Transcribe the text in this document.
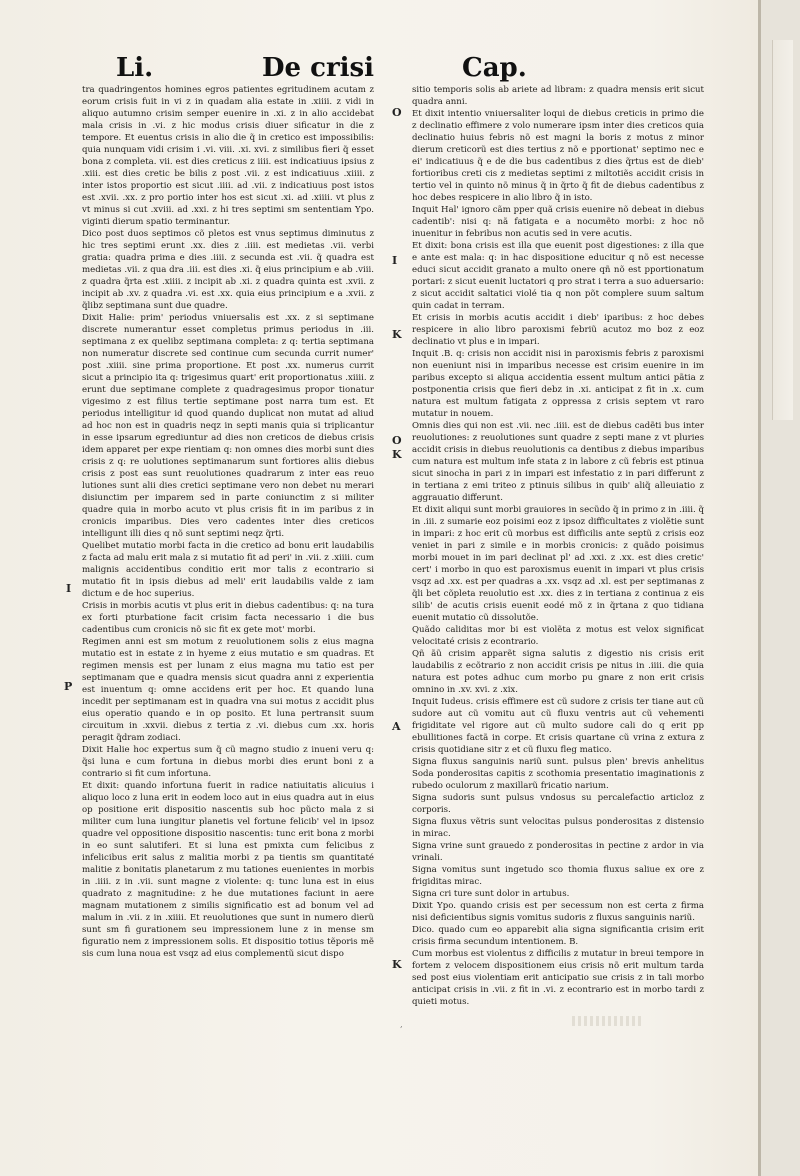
Li.	De crisi	Cap.

tra quadringentos homines egros patientes egritudinem acutam z eorum crisis fuit in vi z in quadam alia estate in .xiiii. z vidi in aliquo autumno crisim semper euenire in .xi. z in alio accidebat mala crisis in .vi. z hic modus crisis diuer sificatur in die z tempore. Et euentus crisis in alio die q̃ in cretico est impossibilis: quia nunquam vidi crisim i .vi. viii. .xi. xvi. z similibus fieri q̃ esset bona z completa. vii. est dies creticus z iiii. est indicatiuus ipsius z .xiii. est dies cretic be bilis z post .vii. z est indicatiuus .xiiii. z inter istos proportio est sicut .iiii. ad .vii. z indicatiuus post istos est .xvii. .xx. z pro portio inter hos est sicut .xi. ad .xiiii. vt plus z vt minus si cut .xviii. ad .xxi. z hi tres septimi sm sententiam Ypo. viginti dierum spatio terminantur.

Dico post duos septimos cõ pletos est vnus septimus diminutus z hic tres septimi erunt .xx. dies z .iiii. est medietas .vii. verbi gratia: quadra prima e dies .iiii. z secunda est .vii. q̃ quadra est medietas .vii. z qua dra .iii. est dies .xi. q̃ eius principium e ab .viii. z quadra q̃rta est .xiiii. z incipit ab .xi. z quadra quinta est .xvii. z incipit ab .xv. z quadra .vi. est .xx. quia eius principium e a .xvii. z q̃libz septimana sunt due quadre.

Dixit Halie: prim' periodus vniuersalis est .xx. z si septimane discrete numerantur esset completus primus periodus in .iii. septimana z ex quelibz septimana completa: z q: tertia septimana non numeratur discrete sed continue cum secunda currit numer' post .xiiii. sine prima proportione. Et post .xx. numerus currit sicut a principio ita q: trigesimus quart' erit proportionatus .xiiii. z erunt due septimane complete z quadragesimus propor tionatur vigesimo z est filius tertie septimane post narra tum est. Et periodus intelligitur id quod quando duplicat non mutat ad aliud ad hoc non est in quadris neqz in septi manis quia si triplicantur in esse ipsarum egrediuntur ad dies non creticos de diebus crisis idem apparet per expe rientiam q: non omnes dies morbi sunt dies crisis z q: re uolutiones septimanarum sunt fortiores aliis diebus crisis z post eas sunt reuolutiones quadrarum z inter eas reuo lutiones sunt alii dies cretici septimane vero non debet nu merari disiunctim per imparem sed in parte coniunctim z si militer quadre quia in morbo acuto vt plus crisis fit in im paribus z in cronicis imparibus. Dies vero cadentes inter dies creticos intelligunt illi dies q nõ sunt septimi neqz q̃rti.

Quelibet mutatio morbi facta in die cretico ad bonu erit laudabilis z facta ad malu erit mala z si mutatio fit ad peri' in .vii. z .xiiii. cum malignis accidentibus conditio erit mor talis z econtrario si mutatio fit in ipsis diebus ad meli' erit laudabilis valde z iam dictum e de hoc superius.

Crisis in morbis acutis vt plus erit in diebus cadentibus: q: na tura ex forti pturbatione facit crisim facta necessario i die bus cadentibus cum cronicis nõ sic fit ex gete mot' morbi.

Regimen anni est sm motum z reuolutionem solis z eius magna mutatio est in estate z in hyeme z eius mutatio e sm quadras. Et regimen mensis est per lunam z eius magna mu tatio est per septimanam que e quadra mensis sicut quadra anni z experientia est inuentum q: omne accidens erit per hoc. Et quando luna incedit per septimanam est in quadra vna sui motus z accidit plus eius operatio quando e in op posito. Et luna pertransit suum circuitum in .xxvii. diebus z tertia z .vi. diebus cum .xx. horis peragit q̃dram zodiaci.

Dixit Halie hoc expertus sum q̃ cũ magno studio z inueni veru q: q̃si luna e cum fortuna in diebus morbi dies erunt boni z a contrario si fit cum infortuna.

Et dixit: quando infortuna fuerit in radice natiuitatis alicuius i aliquo loco z luna erit in eodem loco aut in eius quadra aut in eius op positione erit dispositio nascentis sub hoc pũcto mala z si militer cum luna iungitur planetis vel fortune felicib' vel in ipsoz quadre vel oppositione dispositio nascentis: tunc erit bona z morbi in eo sunt salutiferi. Et si luna est pmixta cum felicibus z infelicibus erit salus z malitia morbi z pa tientis sm quantitaté malitie z bonitatis planetarum z mu tationes euenientes in morbis in .iiii. z in .vii. sunt magne z violente: q: tunc luna est in eius quadrato z magnitudine: z he due mutationes faciunt in aere magnam mutationem z similis significatio est ad bonum vel ad malum in .vii. z in .xiiii. Et reuolutiones que sunt in numero dierũ sunt sm fi gurationem seu impressionem lune z in mense sm figuratio nem z impressionem solis. Et dispositio totius tẽporis mẽ sis cum luna noua est vsqz ad eius complementũ sicut dispo

sitio temporis solis ab ariete ad libram: z quadra mensis erit sicut quadra anni.

Et dixit intentio vniuersaliter loqui de diebus creticis in primo die z declinatio effimere z volo numerare ipsm inter dies creticos quia declinatio huius febris nõ est magni la boris z motus z minor dierum creticorũ est dies tertius z nõ e pportionat' septimo nec e ei' indicatiuus q̃ e de die bus cadentibus z dies q̃rtus est de dieb' fortioribus creti cis z medietas septimi z miltotiẽs accidit crisis in tertio vel in quinto nõ minus q̃ in q̃rto q̃ fit de diebus cadentibus z hoc debes respicere in alio libro q̃ in isto.

Inquit Hal' ignoro cãm pper quã crisis euenire nõ debeat in diebus cadentib': nisi q: nã fatigata e a nocumẽto morbi: z hoc nõ inuenitur in febribus non acutis sed in vere acutis.

Et dixit: bona crisis est illa que euenit post digestiones: z illa que e ante est mala: q: in hac dispositione educitur q nõ est necesse educi sicut accidit granato a multo onere qñ nõ est pportionatum portari: z sicut euenit luctatori q pro strat i terra a suo aduersario: z sicut accidit saltatici violé tia q non põt complere suum saltum quin cadat in terram.

Et crisis in morbis acutis accidit i dieb' iparibus: z hoc debes respicere in alio libro paroxismi febriũ acutoz mo boz z eoz declinatio vt plus e in impari.

Inquit .B. q: crisis non accidit nisi in paroxismis febris z paroxismi non eueniunt nisi in imparibus necesse est crisim euenire in im paribus excepto si aliqua accidentia essent multum antici pãtia z postponentia crisis que fieri debz in .xi. anticipat z fit in .x. cum natura est multum fatigata z oppressa z crisis septem vt raro mutatur in nouem.

Omnis dies qui non est .vii. nec .iiii. est de diebus cadẽti bus inter reuolutiones: z reuolutiones sunt quadre z septi mane z vt pluries accidit crisis in diebus reuolutionis ca dentibus z diebus imparibus cum natura est multum infe stata z in labore z cũ febris est ptinua sicut sinocha in pari z in impari est infestatio z in pari differunt z in tertiana z emi triteo z ptinuis silibus in quib' aliq̃ alleuiatio z aggrauatio differunt.

Et dixit aliqui sunt morbi grauiores in secũdo q̃ in primo z in .iiii. q̃ in .iii. z sumarie eoz poisimi eoz z ipsoz difficultates z violẽtie sunt in impari: z hoc erit cũ morbus est difficilis ante septũ z crisis eoz veniet in pari z simile e in morbis cronicis: z quãdo poisimus morbi mouet in im pari declinat pl' ad .xxi. z .xx. est dies cretic' cert' i morbo in quo est paroxismus euenit in impari vt plus crisis vsqz ad .xx. est per quadras a .xx. vsqz ad .xl. est per septimanas z q̃li bet cõpleta reuolutio est .xx. dies z in tertiana z continua z eis silib' de acutis crisis euenit eodé mõ z in q̃rtana z quo tidiana euenit mutatio cũ dissolutõe.

Quãdo caliditas mor bi est violẽta z motus est velox significat velocitaté crisis z econtrario.

Qñ ãũ crisim apparẽt signa salutis z digestio nis crisis erit laudabilis z ecõtrario z non accidit crisis pe nitus in .iiii. die quia natura est potes adhuc cum morbo pu gnare z non erit crisis omnino in .xv. xvi. z .xix.

Inquit Iudeus. crisis effimere est cũ sudore z crisis ter tiane aut cũ sudore aut cũ vomitu aut cũ fluxu ventris aut cũ vehementi frigiditate vel rigore aut cũ multo sudore cali do q erit pp ebullitiones factã in corpe. Et crisis quartane cũ vrina z extura z crisis quotidiane sitr z et cũ fluxu fleg matico.

Signa fluxus sanguinis nariũ sunt. pulsus plen' brevis anhelitus Soda ponderositas capitis z scothomia presentatio imaginationis z rubedo oculorum z maxillarũ fricatio narium.

Signa sudoris sunt pulsus vndosus su percalefactio articloz z corporis.

Signa fluxus vẽtris sunt velocitas pulsus ponderositas z distensio in mirac.

Signa vrine sunt grauedo z ponderositas in pectine z ardor in via vrinali.

Signa vomitus sunt ingetudo sco thomia fluxus saliue ex ore z frigiditas mirac.

Signa cri ture sunt dolor in artubus.

Dixit Ypo. quando crisis est per secessum non est certa z firma nisi deficientibus signis vomitus sudoris z fluxus sanguinis nariũ.

Dico. quado cum eo apparebit alia signa significantia crisim erit crisis firma secundum intentionem. B.

Cum morbus est violentus z difficilis z mutatur in breui tempore in fortem z velocem dispositionem eius crisis nõ erit multum tarda sed post eius violentiam erit anticipatio sue crisis z in tali morbo anticipat crisis in .vii. z fit in .vi. z econtrario est in morbo tardi z quieti motus.

I
P
O
I
K
O
K
A
K
‚
